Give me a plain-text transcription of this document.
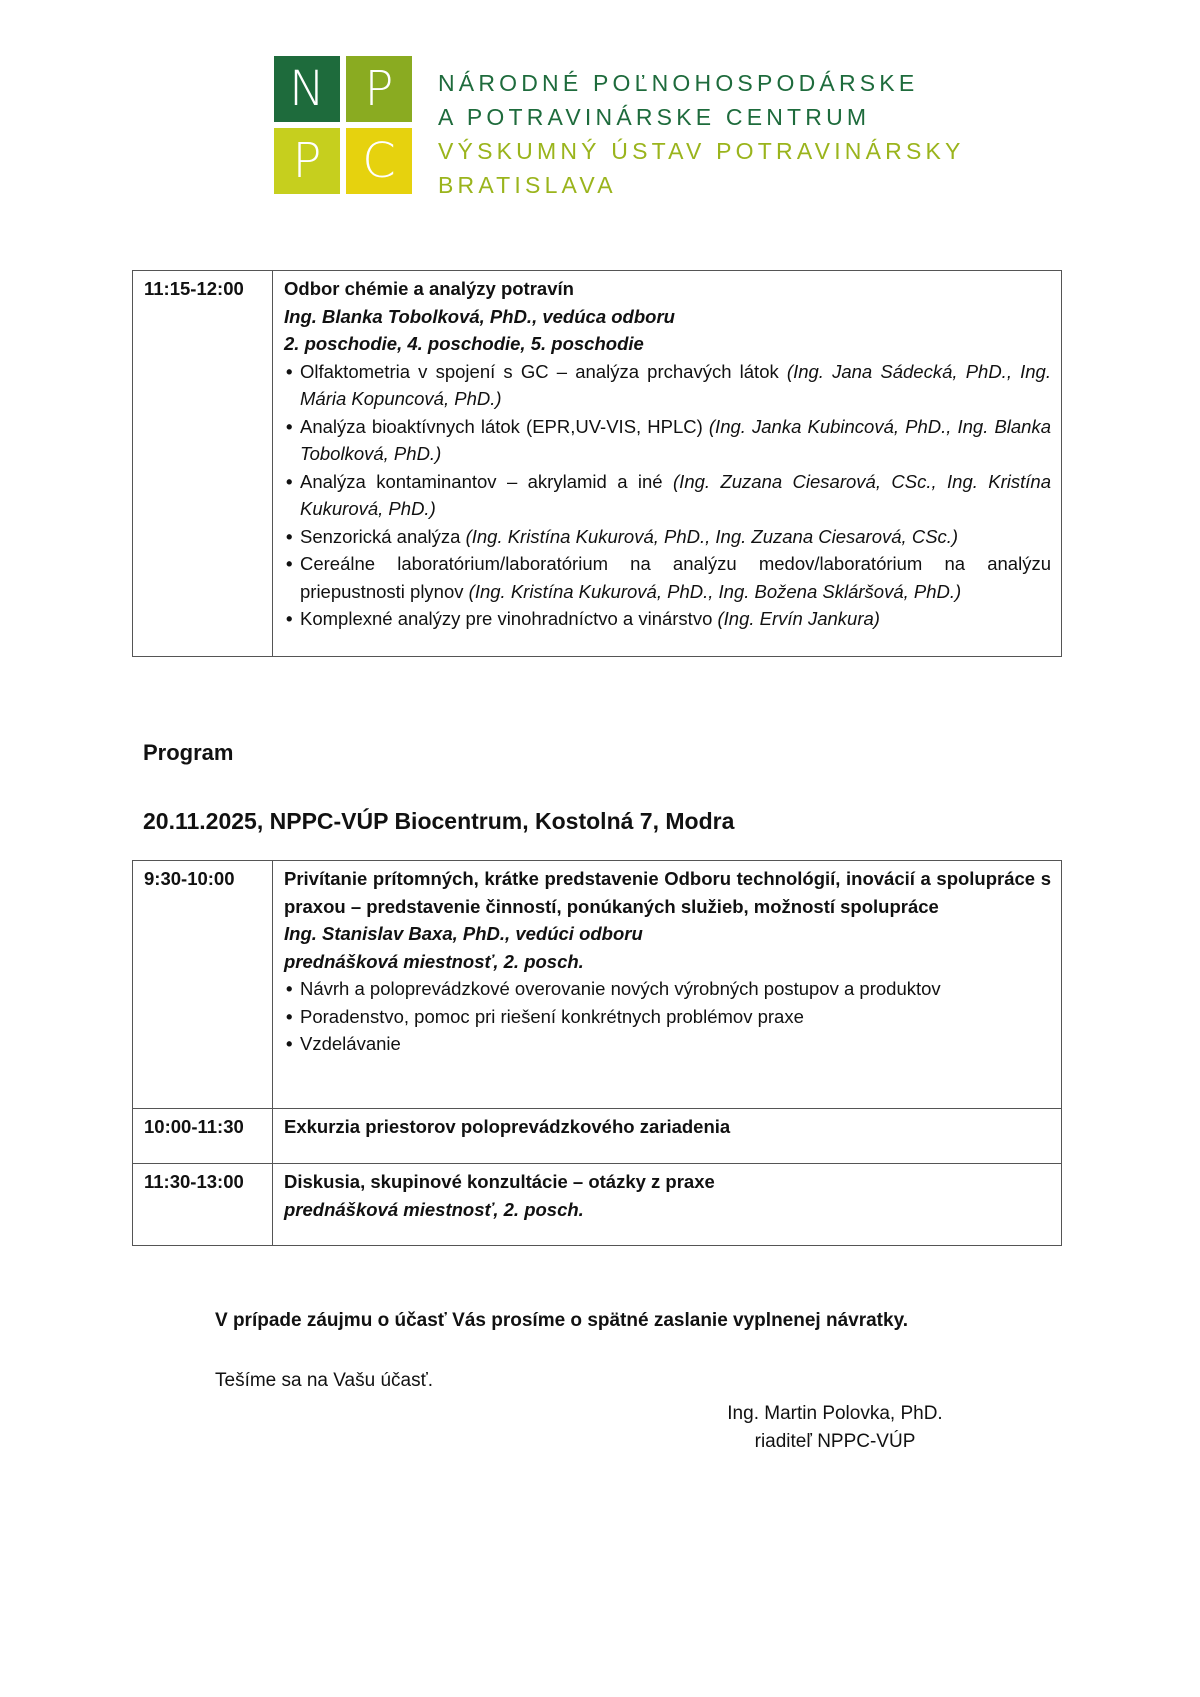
N P
P C
NÁRODNÉ POĽNOHOSPODÁRSKE
A POTRAVINÁRSKE CENTRUM
VÝSKUMNÝ ÚSTAV POTRAVINÁRSKY
BRATISLAVA
11:15-12:00	Odbor chémie a analýzy potravín
Ing. Blanka Tobolková, PhD., vedúca odboru
2. poschodie, 4. poschodie, 5. poschodie
• Olfaktometria v spojení s GC – analýza prchavých látok (Ing. Jana Sádecká, PhD., Ing. Mária Kopuncová, PhD.)
• Analýza bioaktívnych látok (EPR,UV-VIS, HPLC) (Ing. Janka Kubincová, PhD., Ing. Blanka Tobolková, PhD.)
• Analýza kontaminantov – akrylamid a iné (Ing. Zuzana Ciesarová, CSc., Ing. Kristína Kukurová, PhD.)
• Senzorická analýza (Ing. Kristína Kukurová, PhD., Ing. Zuzana Ciesarová, CSc.)
• Cereálne laboratórium/laboratórium na analýzu medov/laboratórium na analýzu priepustnosti plynov (Ing. Kristína Kukurová, PhD., Ing. Božena Skláršová, PhD.)
• Komplexné analýzy pre vinohradníctvo a vinárstvo (Ing. Ervín Jankura)
Program
20.11.2025, NPPC-VÚP Biocentrum, Kostolná 7, Modra
9:30-10:00	Privítanie prítomných, krátke predstavenie Odboru technológií, inovácií a spolupráce s praxou – predstavenie činností, ponúkaných služieb, možností spolupráce
Ing. Stanislav Baxa, PhD., vedúci odboru
prednášková miestnosť, 2. posch.
• Návrh a poloprevádzkové overovanie nových výrobných postupov a produktov
• Poradenstvo, pomoc pri riešení konkrétnych problémov praxe
• Vzdelávanie

10:00-11:30	Exkurzia priestorov poloprevádzkového zariadenia

11:30-13:00	Diskusia, skupinové konzultácie – otázky z praxe
prednášková miestnosť, 2. posch.
V prípade záujmu o účasť Vás prosíme o spätné zaslanie vyplnenej návratky.
Tešíme sa na Vašu účasť.
Ing. Martin Polovka, PhD.
riaditeľ NPPC-VÚP
